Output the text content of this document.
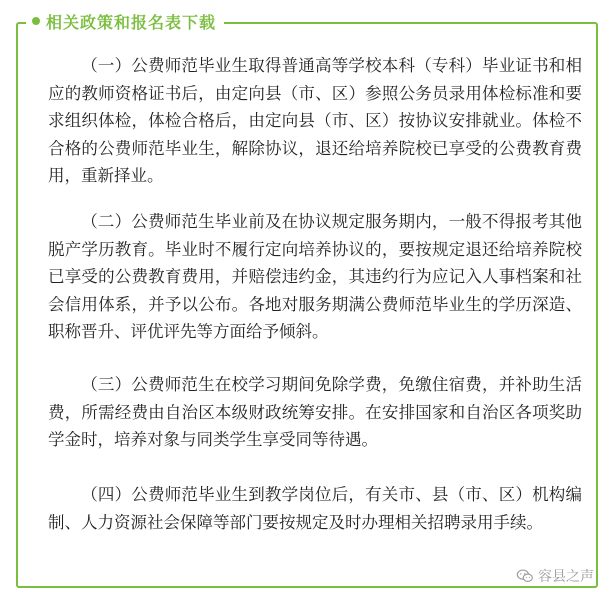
相关政策和报名表下载

（一）公费师范毕业生取得普通高等学校本科（专科）毕业证书和相应的教师资格证书后，由定向县（市、区）参照公务员录用体检标准和要求组织体检，体检合格后，由定向县（市、区）按协议安排就业。体检不合格的公费师范毕业生，解除协议，退还给培养院校已享受的公费教育费用，重新择业。

（二）公费师范生毕业前及在协议规定服务期内，一般不得报考其他脱产学历教育。毕业时不履行定向培养协议的，要按规定退还给培养院校已享受的公费教育费用，并赔偿违约金，其违约行为应记入人事档案和社会信用体系，并予以公布。各地对服务期满公费师范毕业生的学历深造、职称晋升、评优评先等方面给予倾斜。

（三）公费师范生在校学习期间免除学费，免缴住宿费，并补助生活费，所需经费由自治区本级财政统筹安排。在安排国家和自治区各项奖助学金时，培养对象与同类学生享受同等待遇。

（四）公费师范毕业生到教学岗位后，有关市、县（市、区）机构编制、人力资源社会保障等部门要按规定及时办理相关招聘录用手续。

容县之声
